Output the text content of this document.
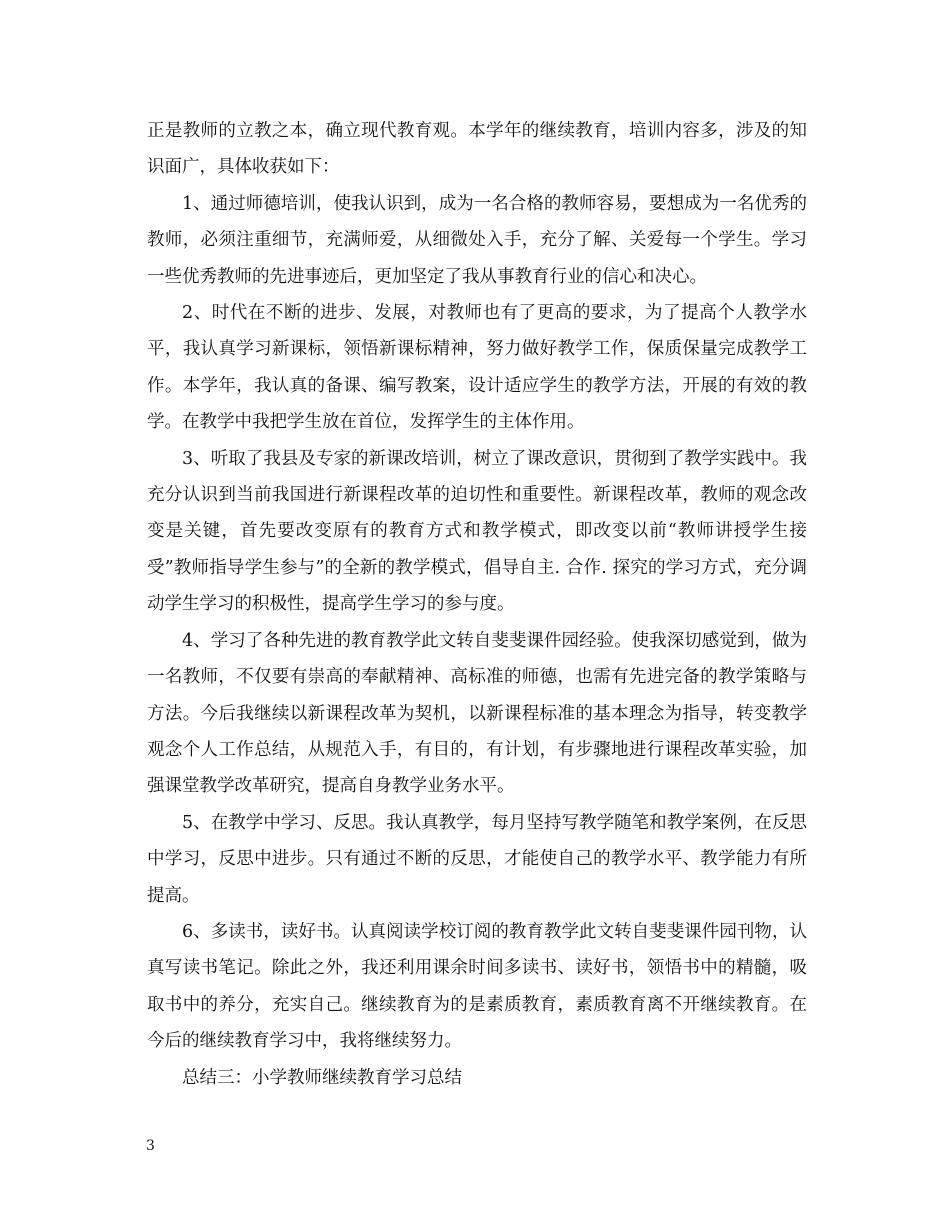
正是教师的立教之本，确立现代教育观。本学年的继续教育，培训内容多，涉及的知识面广，具体收获如下：

1、通过师德培训，使我认识到，成为一名合格的教师容易，要想成为一名优秀的教师，必须注重细节，充满师爱，从细微处入手，充分了解、关爱每一个学生。学习一些优秀教师的先进事迹后，更加坚定了我从事教育行业的信心和决心。

2、时代在不断的进步、发展，对教师也有了更高的要求，为了提高个人教学水平，我认真学习新课标，领悟新课标精神，努力做好教学工作，保质保量完成教学工作。本学年，我认真的备课、编写教案，设计适应学生的教学方法，开展的有效的教学。在教学中我把学生放在首位，发挥学生的主体作用。

3、听取了我县及专家的新课改培训，树立了课改意识，贯彻到了教学实践中。我充分认识到当前我国进行新课程改革的迫切性和重要性。新课程改革，教师的观念改变是关键，首先要改变原有的教育方式和教学模式，即改变以前“教师讲授学生接受”教师指导学生参与”的全新的教学模式，倡导自主. 合作. 探究的学习方式，充分调动学生学习的积极性，提高学生学习的参与度。

4、学习了各种先进的教育教学此文转自斐斐课件园经验。使我深切感觉到，做为一名教师，不仅要有崇高的奉献精神、高标准的师德，也需有先进完备的教学策略与方法。今后我继续以新课程改革为契机，以新课程标准的基本理念为指导，转变教学观念个人工作总结，从规范入手，有目的，有计划，有步骤地进行课程改革实验，加强课堂教学改革研究，提高自身教学业务水平。

5、在教学中学习、反思。我认真教学，每月坚持写教学随笔和教学案例，在反思中学习，反思中进步。只有通过不断的反思，才能使自己的教学水平、教学能力有所提高。

6、多读书，读好书。认真阅读学校订阅的教育教学此文转自斐斐课件园刊物，认真写读书笔记。除此之外，我还利用课余时间多读书、读好书，领悟书中的精髓，吸取书中的养分，充实自己。继续教育为的是素质教育，素质教育离不开继续教育。在今后的继续教育学习中，我将继续努力。

总结三：小学教师继续教育学习总结

3
